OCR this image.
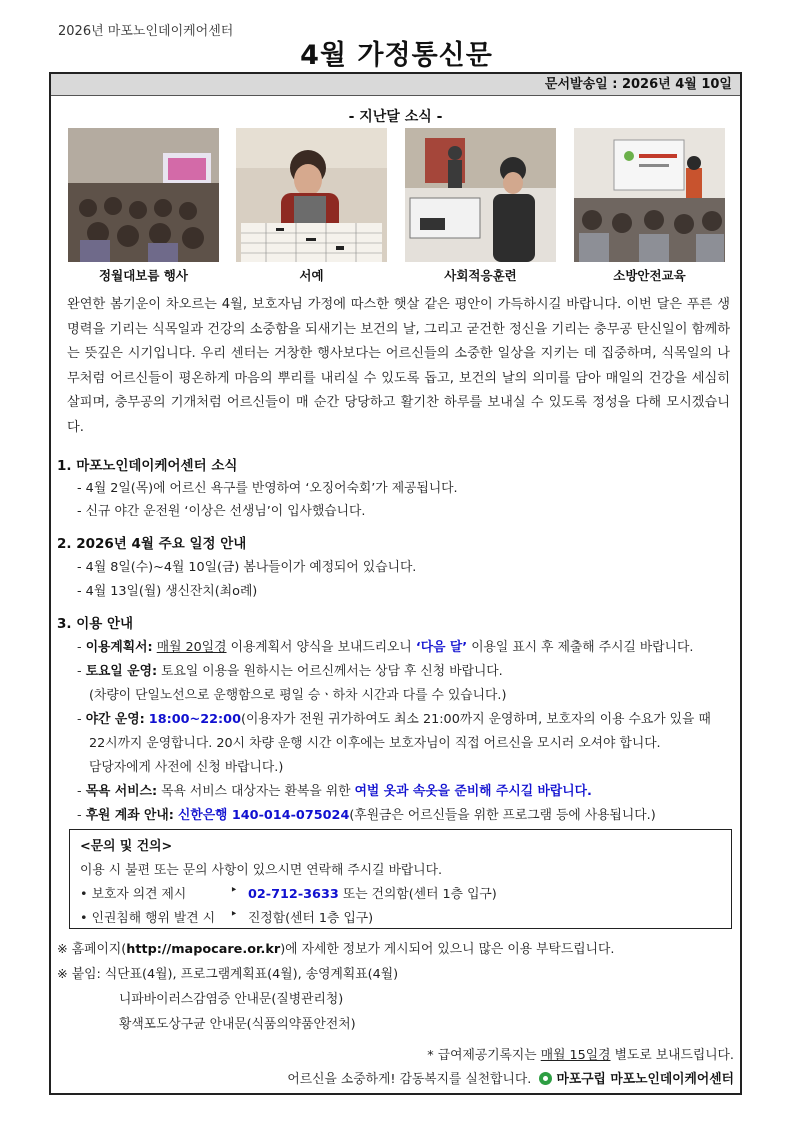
2026년 마포노인데이케어센터
4월 가정통신문
문서발송일 : 2026년 4월 10일
- 지난달 소식 -
정월대보름 행사	서예	사회적응훈련	소방안전교육
완연한 봄기운이 차오르는 4월, 보호자님 가정에 따스한 햇살 같은 평안이 가득하시길 바랍니다. 이번 달은 푸른 생명력을 기리는 식목일과 건강의 소중함을 되새기는 보건의 날, 그리고 굳건한 정신을 기리는 충무공 탄신일이 함께하는 뜻깊은 시기입니다. 우리 센터는 거창한 행사보다는 어르신들의 소중한 일상을 지키는 데 집중하며, 식목일의 나무처럼 어르신들이 평온하게 마음의 뿌리를 내리실 수 있도록 돕고, 보건의 날의 의미를 담아 매일의 건강을 세심히 살피며, 충무공의 기개처럼 어르신들이 매 순간 당당하고 활기찬 하루를 보내실 수 있도록 정성을 다해 모시겠습니다.
1. 마포노인데이케어센터 소식
- 4월 2일(목)에 어르신 욕구를 반영하여 ‘오징어숙회’가 제공됩니다.
- 신규 야간 운전원 ‘이상은 선생님’이 입사했습니다.
2. 2026년 4월 주요 일정 안내
- 4월 8일(수)~4월 10일(금) 봄나들이가 예정되어 있습니다.
- 4월 13일(월) 생신잔치(최o례)
3. 이용 안내
- 이용계획서: 매월 20일경 이용계획서 양식을 보내드리오니 ‘다음 달’ 이용일 표시 후 제출해 주시길 바랍니다.
- 토요일 운영: 토요일 이용을 원하시는 어르신께서는 상담 후 신청 바랍니다.
(차량이 단일노선으로 운행함으로 평일 승ㆍ하차 시간과 다를 수 있습니다.)
- 야간 운영: 18:00~22:00(이용자가 전원 귀가하여도 최소 21:00까지 운영하며, 보호자의 이용 수요가 있을 때
22시까지 운영합니다. 20시 차량 운행 시간 이후에는 보호자님이 직접 어르신을 모시러 오셔야 합니다.
담당자에게 사전에 신청 바랍니다.)
- 목욕 서비스: 목욕 서비스 대상자는 환복을 위한 여벌 옷과 속옷을 준비해 주시길 바랍니다.
- 후원 계좌 안내: 신한은행 140-014-075024(후원금은 어르신들을 위한 프로그램 등에 사용됩니다.)
<문의 및 건의>
이용 시 불편 또는 문의 사항이 있으시면 연락해 주시길 바랍니다.
• 보호자 의견 제시	‣ 02-712-3633 또는 건의함(센터 1층 입구)
• 인권침해 행위 발견 시 ‣ 진정함(센터 1층 입구)
※ 홈페이지(http://mapocare.or.kr)에 자세한 정보가 게시되어 있으니 많은 이용 부탁드립니다.
※ 붙임: 식단표(4월), 프로그램계획표(4월), 송영계획표(4월)
니파바이러스감염증 안내문(질병관리청)
황색포도상구균 안내문(식품의약품안전처)
* 급여제공기록지는 매월 15일경 별도로 보내드립니다.
어르신을 소중하게! 감동복지를 실천합니다. 마포구립 마포노인데이케어센터
